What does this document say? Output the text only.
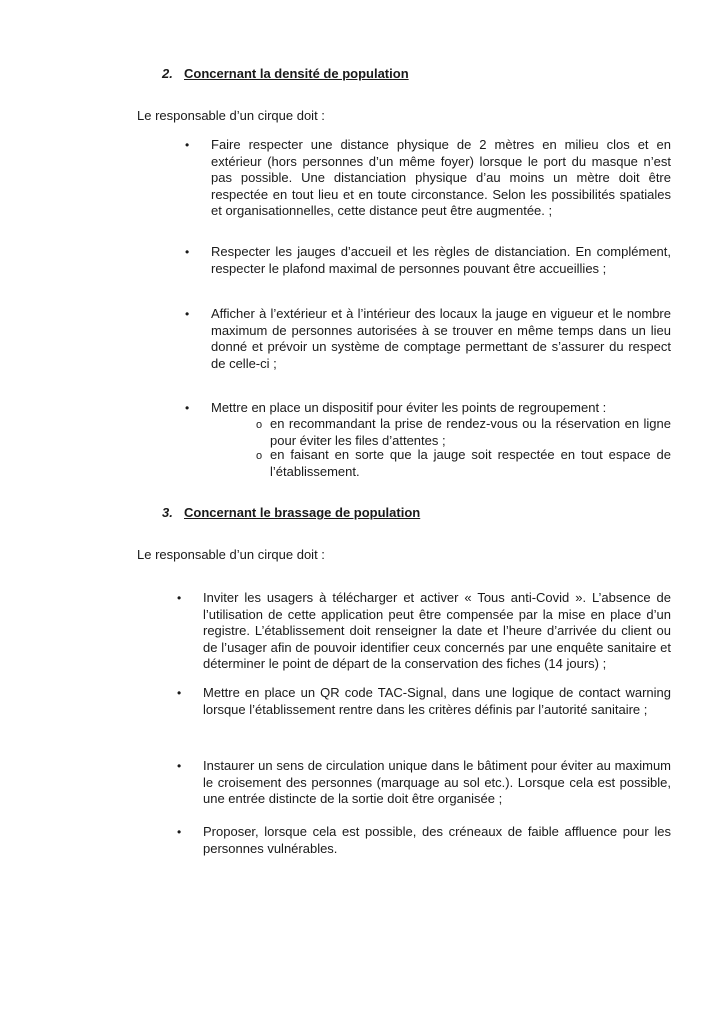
2. Concernant la densité de population
Le responsable d’un cirque doit :
• Faire respecter une distance physique de 2 mètres en milieu clos et en extérieur (hors personnes d’un même foyer) lorsque le port du masque n’est pas possible. Une distanciation physique d’au moins un mètre doit être respectée en tout lieu et en toute circonstance. Selon les possibilités spatiales et organisationnelles, cette distance peut être augmentée. ;
• Respecter les jauges d’accueil et les règles de distanciation. En complément, respecter le plafond maximal de personnes pouvant être accueillies ;
• Afficher à l’extérieur et à l’intérieur des locaux la jauge en vigueur et le nombre maximum de personnes autorisées à se trouver en même temps dans un lieu donné et prévoir un système de comptage permettant de s’assurer du respect de celle-ci ;
• Mettre en place un dispositif pour éviter les points de regroupement :
o en recommandant la prise de rendez-vous ou la réservation en ligne pour éviter les files d’attentes ;
o en faisant en sorte que la jauge soit respectée en tout espace de l’établissement.
3. Concernant le brassage de population
Le responsable d’un cirque doit :
• Inviter les usagers à télécharger et activer « Tous anti-Covid ». L’absence de l’utilisation de cette application peut être compensée par la mise en place d’un registre. L’établissement doit renseigner la date et l’heure d’arrivée du client ou de l’usager afin de pouvoir identifier ceux concernés par une enquête sanitaire et déterminer le point de départ de la conservation des fiches (14 jours) ;
• Mettre en place un QR code TAC-Signal, dans une logique de contact warning lorsque l’établissement rentre dans les critères définis par l’autorité sanitaire ;
• Instaurer un sens de circulation unique dans le bâtiment pour éviter au maximum le croisement des personnes (marquage au sol etc.). Lorsque cela est possible, une entrée distincte de la sortie doit être organisée ;
• Proposer, lorsque cela est possible, des créneaux de faible affluence pour les personnes vulnérables.
